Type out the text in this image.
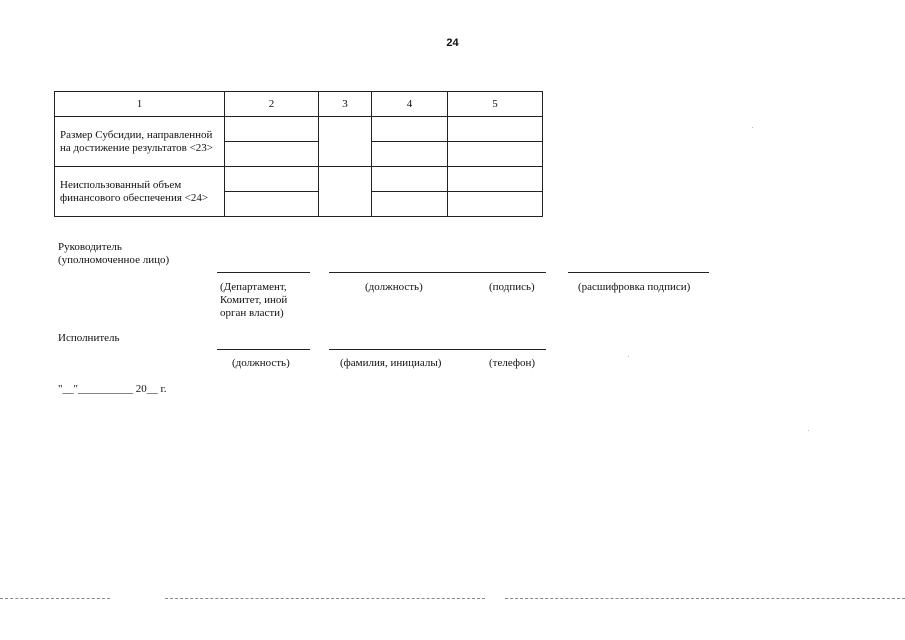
24
1	2	3	4	5
Размер Субсидии, направленной на достижение результатов <23>				

Неиспользованный объем финансового обеспечения <24>				

Руководитель (уполномоченное лицо)
(Департамент, Комитет, иной орган власти)
(должность)	(подпись)	(расшифровка подписи)
Исполнитель
(должность)	(фамилия, инициалы)	(телефон)
"__"__________ 20__ г.
